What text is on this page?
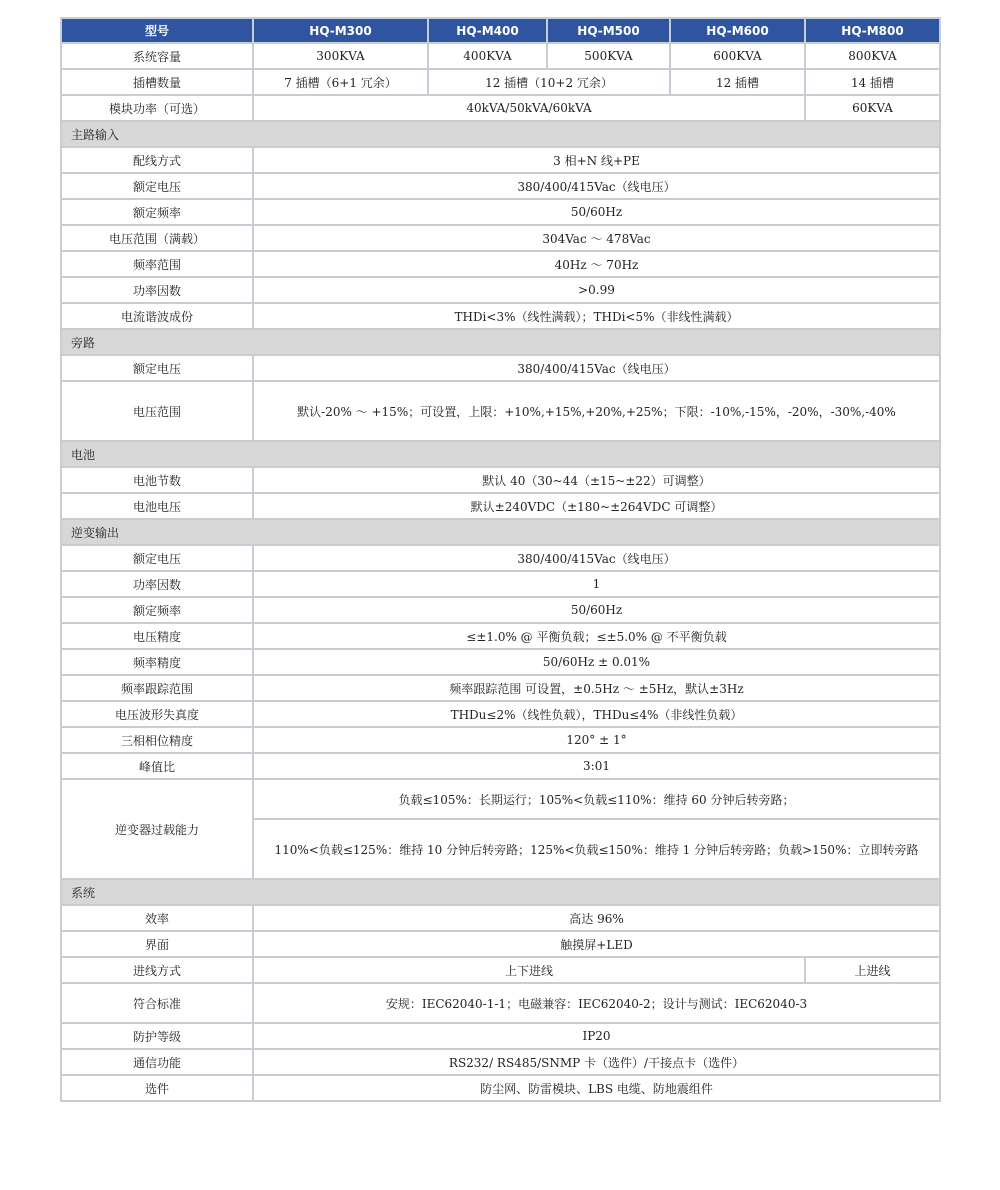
型号	HQ-M300	HQ-M400	HQ-M500	HQ-M600	HQ-M800
系统容量	300KVA	400KVA	500KVA	600KVA	800KVA
插槽数量	7 插槽（6+1 冗余）	12 插槽（10+2 冗余）		12 插槽	14 插槽
模块功率（可选）	40kVA/50kVA/60kVA				60KVA
主路输入					
配线方式	3 相+N 线+PE				
额定电压	380/400/415Vac（线电压）				
额定频率	50/60Hz				
电压范围（满载）	304Vac ～ 478Vac				
频率范围	40Hz ～ 70Hz				
功率因数	>0.99				
电流谐波成份	THDi<3%（线性满载）；THDi<5%（非线性满载）				
旁路					
额定电压	380/400/415Vac（线电压）				
电压范围	默认-20% ～ +15%；可设置，上限：+10%,+15%,+20%,+25%；下限：-10%,-15%，-20%，-30%,-40%				
电池					
电池节数	默认 40（30~44（±15~±22）可调整）				
电池电压	默认±240VDC（±180~±264VDC 可调整）				
逆变输出					
额定电压	380/400/415Vac（线电压）				
功率因数	1				
额定频率	50/60Hz				
电压精度	≤±1.0% @ 平衡负载；≤±5.0% @ 不平衡负载				
频率精度	50/60Hz ± 0.01%				
频率跟踪范围	频率跟踪范围 可设置，±0.5Hz ～ ±5Hz，默认±3Hz				
电压波形失真度	THDu≤2%（线性负载），THDu≤4%（非线性负载）				
三相相位精度	120° ± 1°				
峰值比	3:01				
逆变器过载能力	负载≤105%：长期运行；105%<负载≤110%：维持 60 分钟后转旁路；				
	110%<负载≤125%：维持 10 分钟后转旁路；125%<负载≤150%：维持 1 分钟后转旁路；负载>150%：立即转旁路				
系统					
效率	高达 96%				
界面	触摸屏+LED				
进线方式	上下进线				上进线
符合标准	安规：IEC62040-1-1；电磁兼容：IEC62040-2；设计与测试：IEC62040-3				
防护等级	IP20				
通信功能	RS232/ RS485/SNMP 卡（选件）/干接点卡（选件）				
选件	防尘网、防雷模块、LBS 电缆、防地震组件				
